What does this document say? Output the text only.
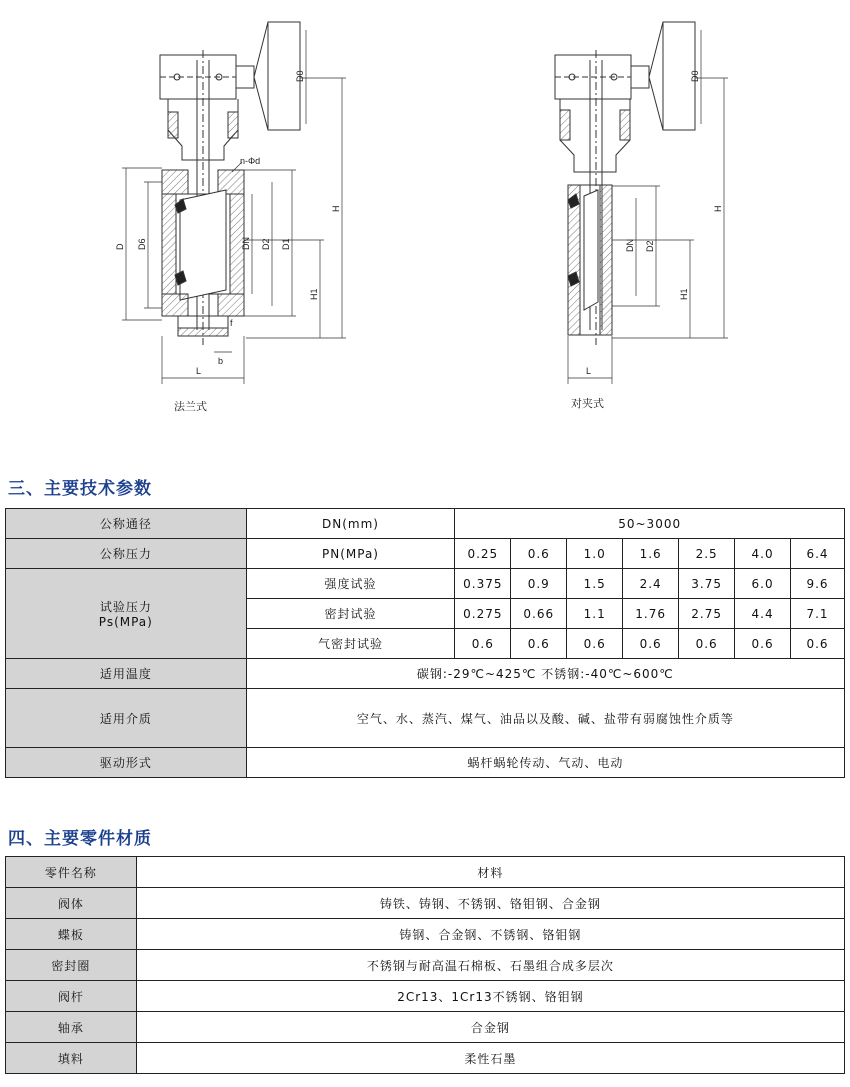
n-Φd
D D6	DN D2 D1
H
H1
D0
L
b
f
法兰式
D0
H
DN D2
H1
L
对夹式
三、主要技术参数
公称通径	DN(mm)	50~3000						
公称压力	PN(MPa)	0.25	0.6	1.0	1.6	2.5	4.0	6.4

试验压力
Ps(MPa)	强度试验	0.375	0.9	1.5	2.4	3.75	6.0	9.6
	密封试验	0.275	0.66	1.1	1.76	2.75	4.4	7.1
	气密封试验	0.6	0.6	0.6	0.6	0.6	0.6	0.6
适用温度	碳钢:-29℃~425℃ 不锈钢:-40℃~600℃							
适用介质	空气、水、蒸汽、煤气、油品以及酸、碱、盐带有弱腐蚀性介质等							
驱动形式	蜗杆蜗轮传动、气动、电动							
四、主要零件材质
零件名称	材料
阀体	铸铁、铸钢、不锈钢、铬钼钢、合金钢
蝶板	铸钢、合金钢、不锈钢、铬钼钢
密封圈	不锈钢与耐高温石棉板、石墨组合成多层次
阀杆	2Cr13、1Cr13不锈钢、铬钼钢
轴承	合金钢
填料	柔性石墨
